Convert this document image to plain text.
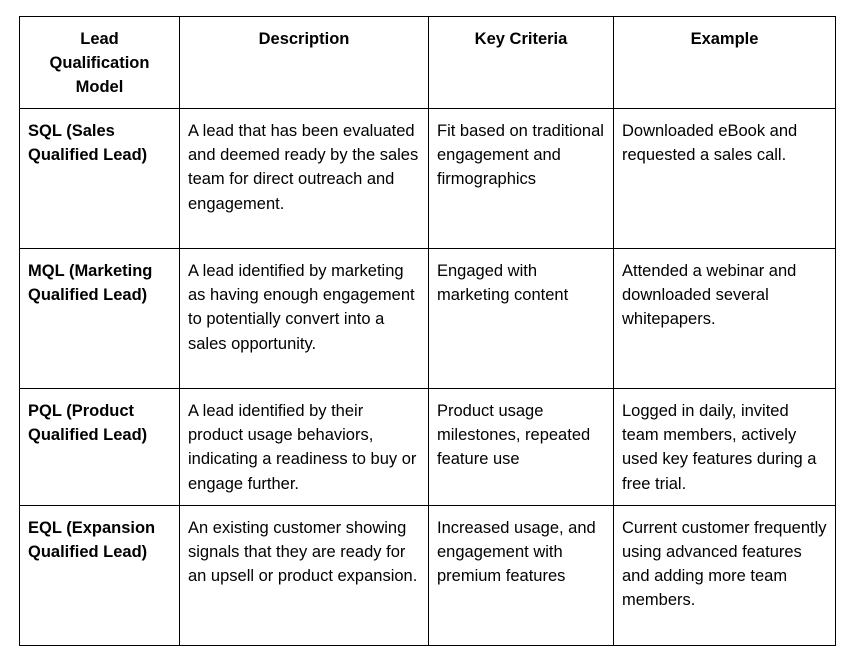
Lead Qualification Model	Description	Key Criteria	Example
SQL (Sales Qualified Lead)	A lead that has been evaluated and deemed ready by the sales team for direct outreach and engagement.	Fit based on traditional engagement and firmographics	Downloaded eBook and requested a sales call.
MQL (Marketing Qualified Lead)	A lead identified by marketing as having enough engagement to potentially convert into a sales opportunity.	Engaged with marketing content	Attended a webinar and downloaded several whitepapers.
PQL (Product Qualified Lead)	A lead identified by their product usage behaviors, indicating a readiness to buy or engage further.	Product usage milestones, repeated feature use	Logged in daily, invited team members, actively used key features during a free trial.
EQL (Expansion Qualified Lead)	An existing customer showing signals that they are ready for an upsell or product expansion.	Increased usage, and engagement with premium features	Current customer frequently using advanced features and adding more team members.
